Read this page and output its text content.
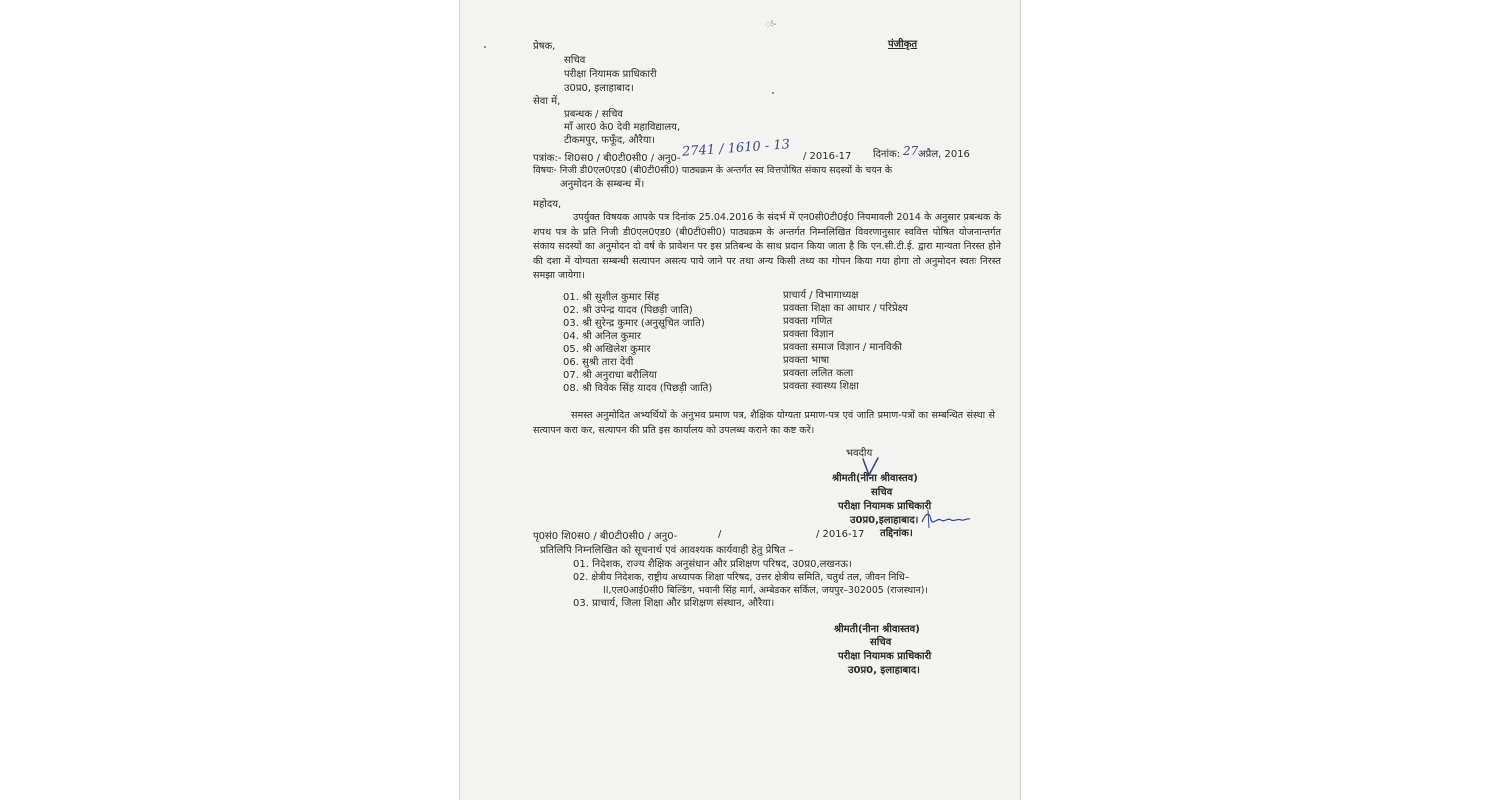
ः-
पंजीकृत
प्रेषक,
सचिव
परीक्षा नियामक प्राधिकारी
उ0प्र0, इलाहाबाद।
सेवा में,
प्रबन्धक / सचिव
माँ आर0 के0 देवी महाविद्यालय,
टीकमपुर, फफूँद, औरैया।
पत्रांक:- शि0स0 / बी0टी0सी0 / अनु0- 2741 / 1610 - 13 / 2016-17 दिनांक: 27 अप्रैल, 2016
विषयः- निजी डी0एल0एड0 (बी0टी0सी0) पाठ्यक्रम के अन्तर्गत स्व वित्तपोषित संकाय सदस्यों के चयन के
अनुमोदन के सम्बन्ध में।
महोदय,
उपर्युक्त विषयक आपके पत्र दिनांक 25.04.2016 के संदर्भ में एन0सी0टी0ई0 नियमावली 2014 के अनुसार प्रबन्धक के शपथ पत्र के प्रति निजी डी0एल0एड0 (बी0टी0सी0) पाठ्यक्रम के अन्तर्गत निम्नलिखित विवरणानुसार स्ववित्त पोषित योजनान्तर्गत संकाय सदस्यों का अनुमोदन दो वर्ष के प्रावेशन पर इस प्रतिबन्ध के साथ प्रदान किया जाता है कि एन.सी.टी.ई. द्वारा मान्यता निरस्त होने की दशा में योग्यता सम्बन्धी सत्यापन असत्य पाये जाने पर तथा अन्य किसी तथ्य का गोपन किया गया होगा तो अनुमोदन स्वतः निरस्त समझा जायेगा।
01. श्री सुशील कुमार सिंह	प्राचार्य / विभागाध्यक्ष
02. श्री उपेन्द्र यादव (पिछड़ी जाति)	प्रवक्ता शिक्षा का आधार / परिप्रेक्ष्य
03. श्री सुरेन्द्र कुमार (अनुसूचित जाति)	प्रवक्ता गणित
04. श्री अनिल कुमार	प्रवक्ता विज्ञान
05. श्री अखिलेश कुमार	प्रवक्ता समाज विज्ञान / मानविकी
06. सुश्री तारा देवी	प्रवक्ता भाषा
07. श्री अनुराधा बरौलिया	प्रवक्ता ललित कला
08. श्री विवेक सिंह यादव (पिछड़ी जाति)	प्रवक्ता स्वास्थ्य शिक्षा
समस्त अनुमोदित अभ्यर्थियों के अनुभव प्रमाण पत्र, शैक्षिक योग्यता प्रमाण-पत्र एवं जाति प्रमाण-पत्रों का सम्बन्धित संस्था से सत्यापन करा कर, सत्यापन की प्रति इस कार्यालय को उपलब्ध कराने का कष्ट करें।
भवदीय
श्रीमती(नीना श्रीवास्तव)
सचिव
परीक्षा नियामक प्राधिकारी
उ0प्र0,इलाहाबाद।
पृ0सं0 शि0स0 / बी0टी0सी0 / अनु0-	/	/ 2016-17 तद्दिनांक।
प्रतिलिपि निम्नलिखित को सूचनार्थ एवं आवश्यक कार्यवाही हेतु प्रेषित –
01. निदेशक, राज्य शैक्षिक अनुसंधान और प्रशिक्षण परिषद, उ0प्र0,लखनऊ।
02. क्षेत्रीय निदेशक, राष्ट्रीय अध्यापक शिक्षा परिषद, उत्तर क्षेत्रीय समिति, चतुर्थ तल, जीवन निधि–
II,एल0आई0सी0 बिल्डिंग, भवानी सिंह मार्ग, अम्बेडकर सर्किल, जयपुर–302005 (राजस्थान)।
03. प्राचार्य, जिला शिक्षा और प्रशिक्षण संस्थान, औरैया।
श्रीमती(नीना श्रीवास्तव)
सचिव
परीक्षा नियामक प्राधिकारी
उ0प्र0, इलाहाबाद।
